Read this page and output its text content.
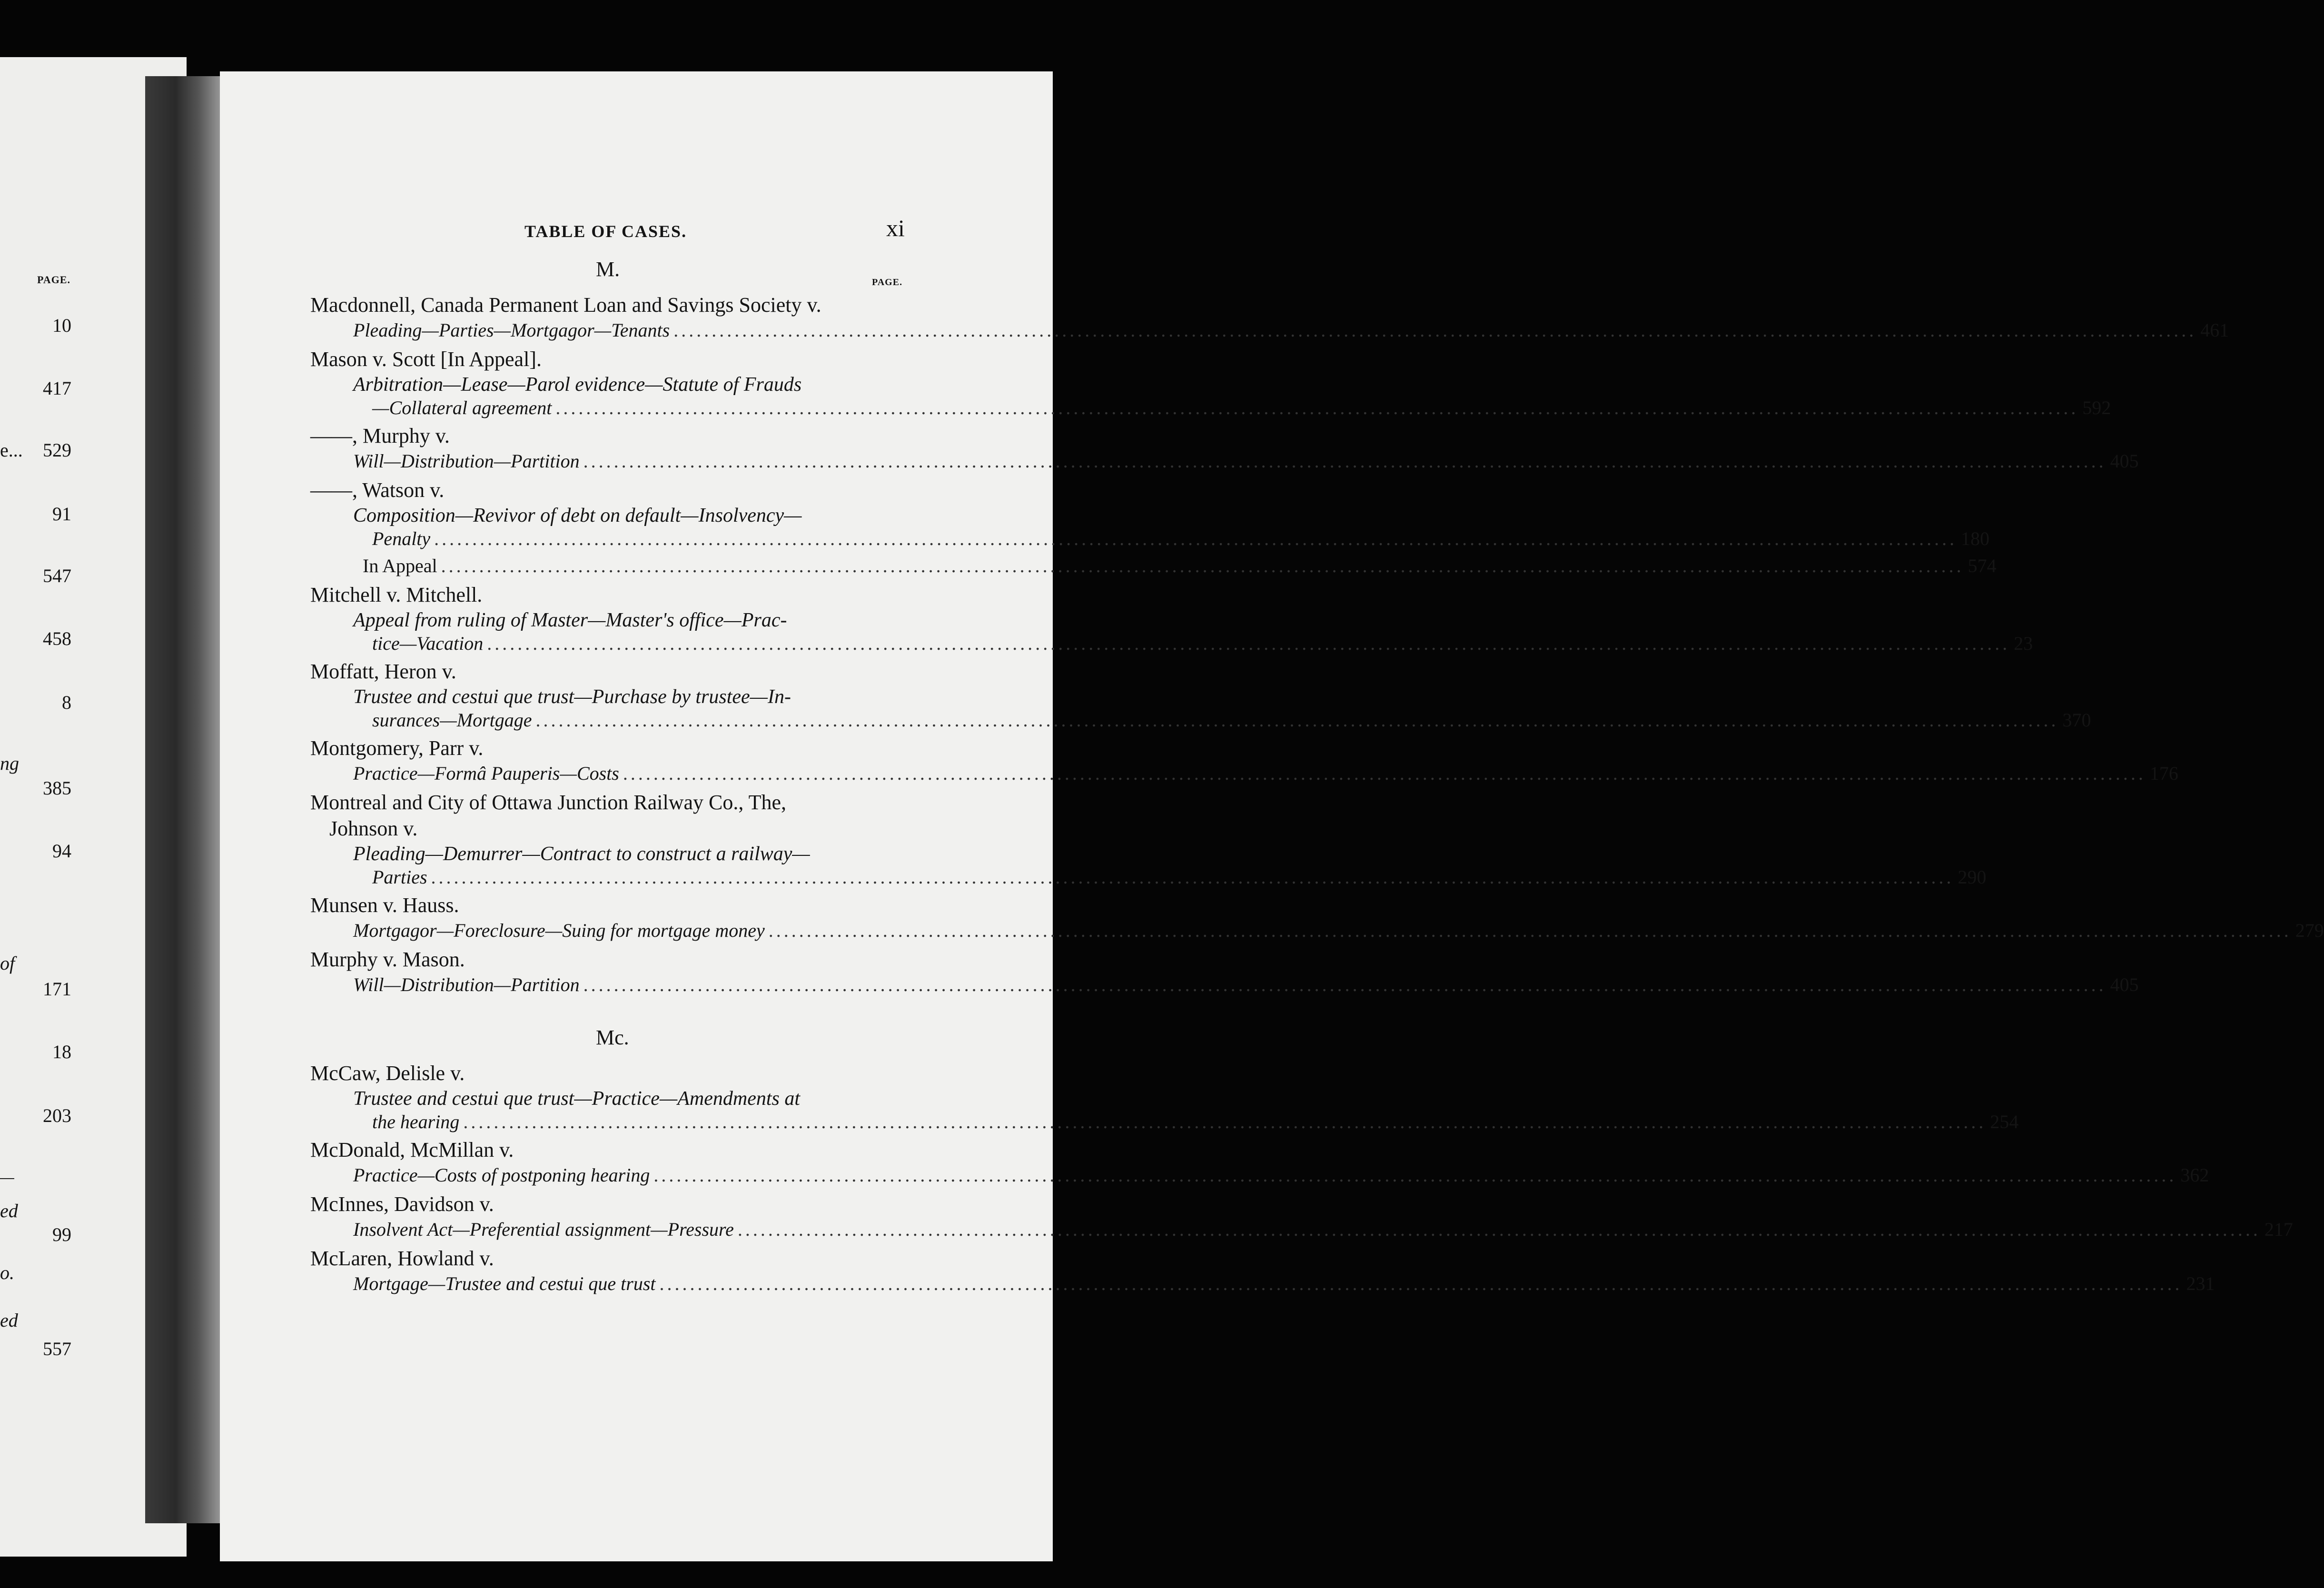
PAGE.
10
417
529
91
547
458
8
385
94
171
18
203
99
557
e...
ng
of
ed
o.
ed
TABLE OF CASES.	xi
M.
PAGE.
Macdonnell, Canada Permanent Loan and Savings Society v.
Pleading—Parties—Mortgagor—Tenants ........................................................................................................................................................................................................ 461
Mason v. Scott [In Appeal].
Arbitration—Lease—Parol evidence—Statute of Frauds
—Collateral agreement ........................................................................................................................................................................................................ 592
——, Murphy v.
Will—Distribution—Partition ........................................................................................................................................................................................................ 405
——, Watson v.
Composition—Revivor of debt on default—Insolvency—
Penalty ........................................................................................................................................................................................................ 180
In Appeal ........................................................................................................................................................................................................ 574
Mitchell v. Mitchell.
Appeal from ruling of Master—Master's office—Prac-
tice—Vacation ........................................................................................................................................................................................................ 23
Moffatt, Heron v.
Trustee and cestui que trust—Purchase by trustee—In-
surances—Mortgage ........................................................................................................................................................................................................ 370
Montgomery, Parr v.
Practice—Formâ Pauperis—Costs ........................................................................................................................................................................................................ 176
Montreal and City of Ottawa Junction Railway Co., The,
Johnson v.
Pleading—Demurrer—Contract to construct a railway—
Parties ........................................................................................................................................................................................................ 290
Munsen v. Hauss.
Mortgagor—Foreclosure—Suing for mortgage money ........................................................................................................................................................................................................ 279
Murphy v. Mason.
Will—Distribution—Partition ........................................................................................................................................................................................................ 405
Mc.
McCaw, Delisle v.
Trustee and cestui que trust—Practice—Amendments at
the hearing ........................................................................................................................................................................................................ 254
McDonald, McMillan v.
Practice—Costs of postponing hearing ........................................................................................................................................................................................................ 362
McInnes, Davidson v.
Insolvent Act—Preferential assignment—Pressure ........................................................................................................................................................................................................ 217
McLaren, Howland v.
Mortgage—Trustee and cestui que trust ........................................................................................................................................................................................................ 231
